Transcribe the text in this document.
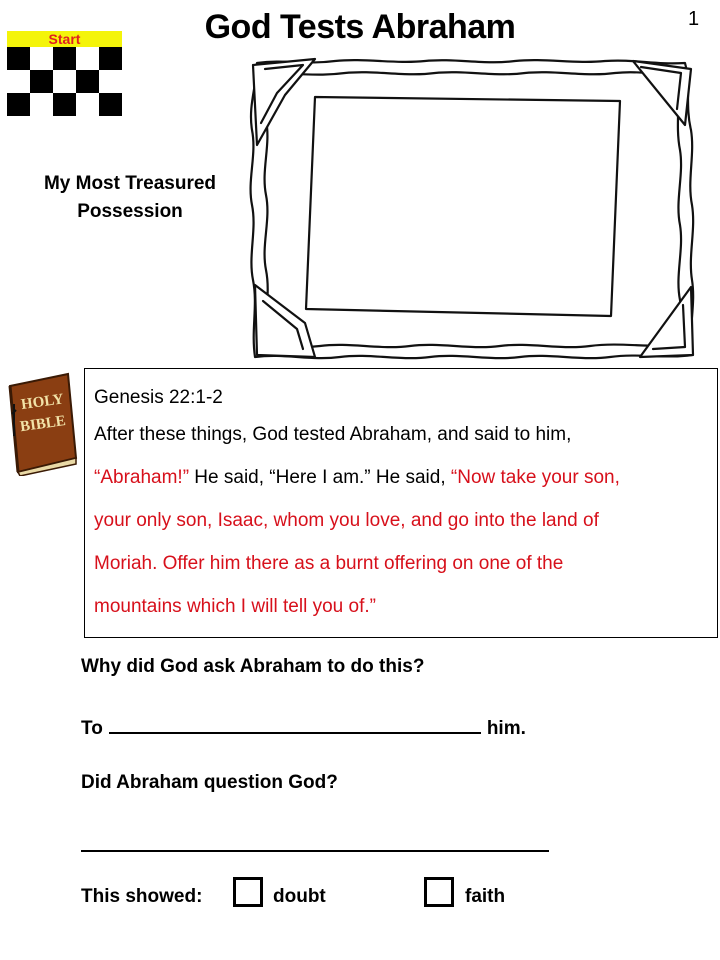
God Tests Abraham	1
Start
My Most Treasured
Possession
HOLY
BIBLE
Genesis 22:1-2
After these things, God tested Abraham, and said to him,
“Abraham!” He said, “Here I am.” He said, “Now take your son,
your only son, Isaac, whom you love, and go into the land of
Moriah. Offer him there as a burnt offering on one of the
mountains which I will tell you of.”
Why did God ask Abraham to do this?
To	him.
Did Abraham question God?
This showed:	doubt	faith
